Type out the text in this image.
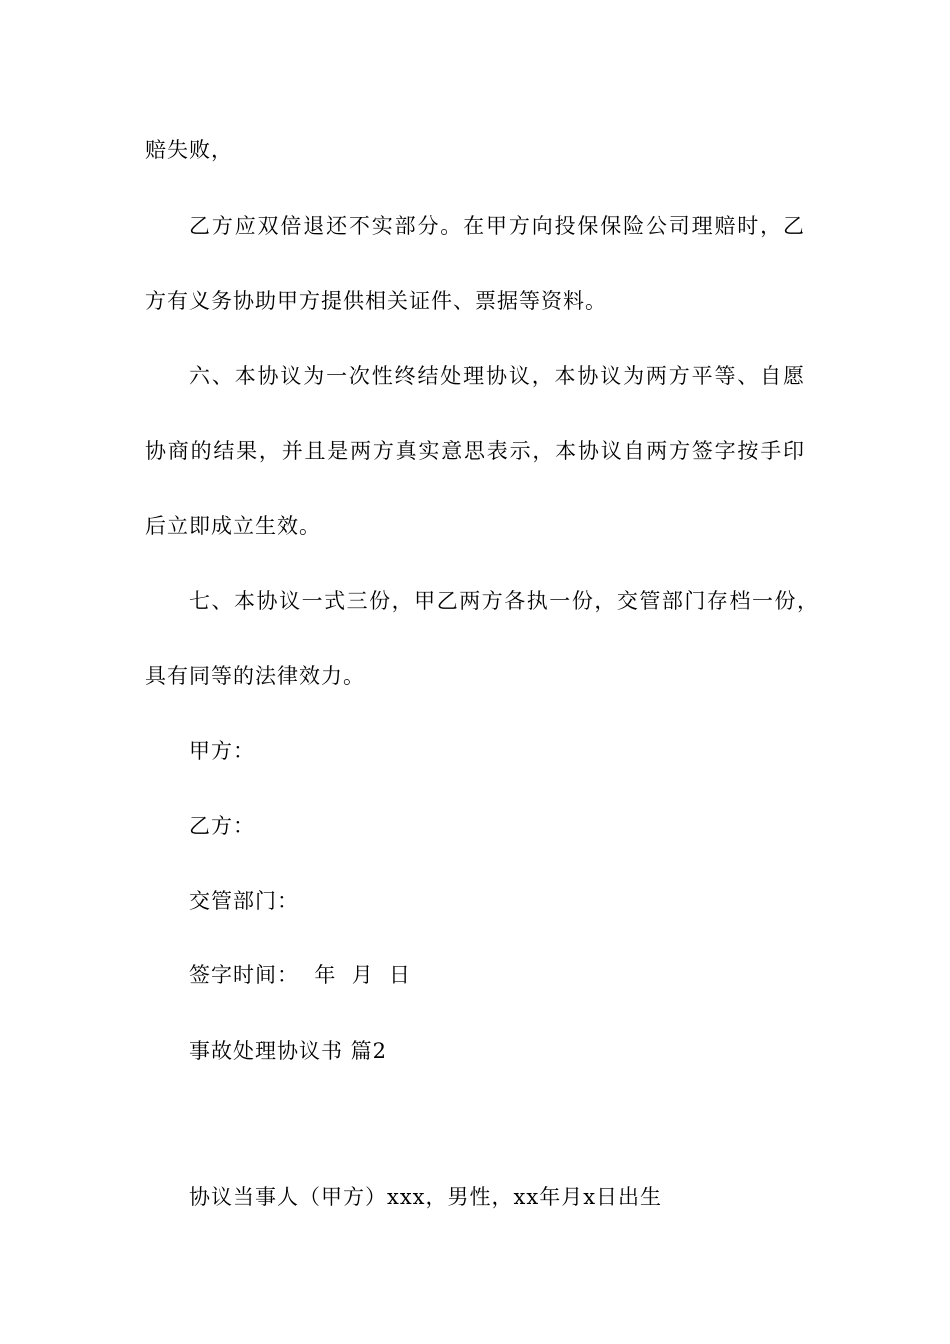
赔失败，
乙方应双倍退还不实部分。在甲方向投保保险公司理赔时，乙
方有义务协助甲方提供相关证件、票据等资料。
六、本协议为一次性终结处理协议，本协议为两方平等、自愿
协商的结果，并且是两方真实意思表示，本协议自两方签字按手印
后立即成立生效。
七、本协议一式三份，甲乙两方各执一份，交管部门存档一份，
具有同等的法律效力。
甲方：
乙方：
交管部门：
签字时间：  年  月  日
事故处理协议书 篇2
协议当事人（甲方）xxx，男性，xx年月x日出生
